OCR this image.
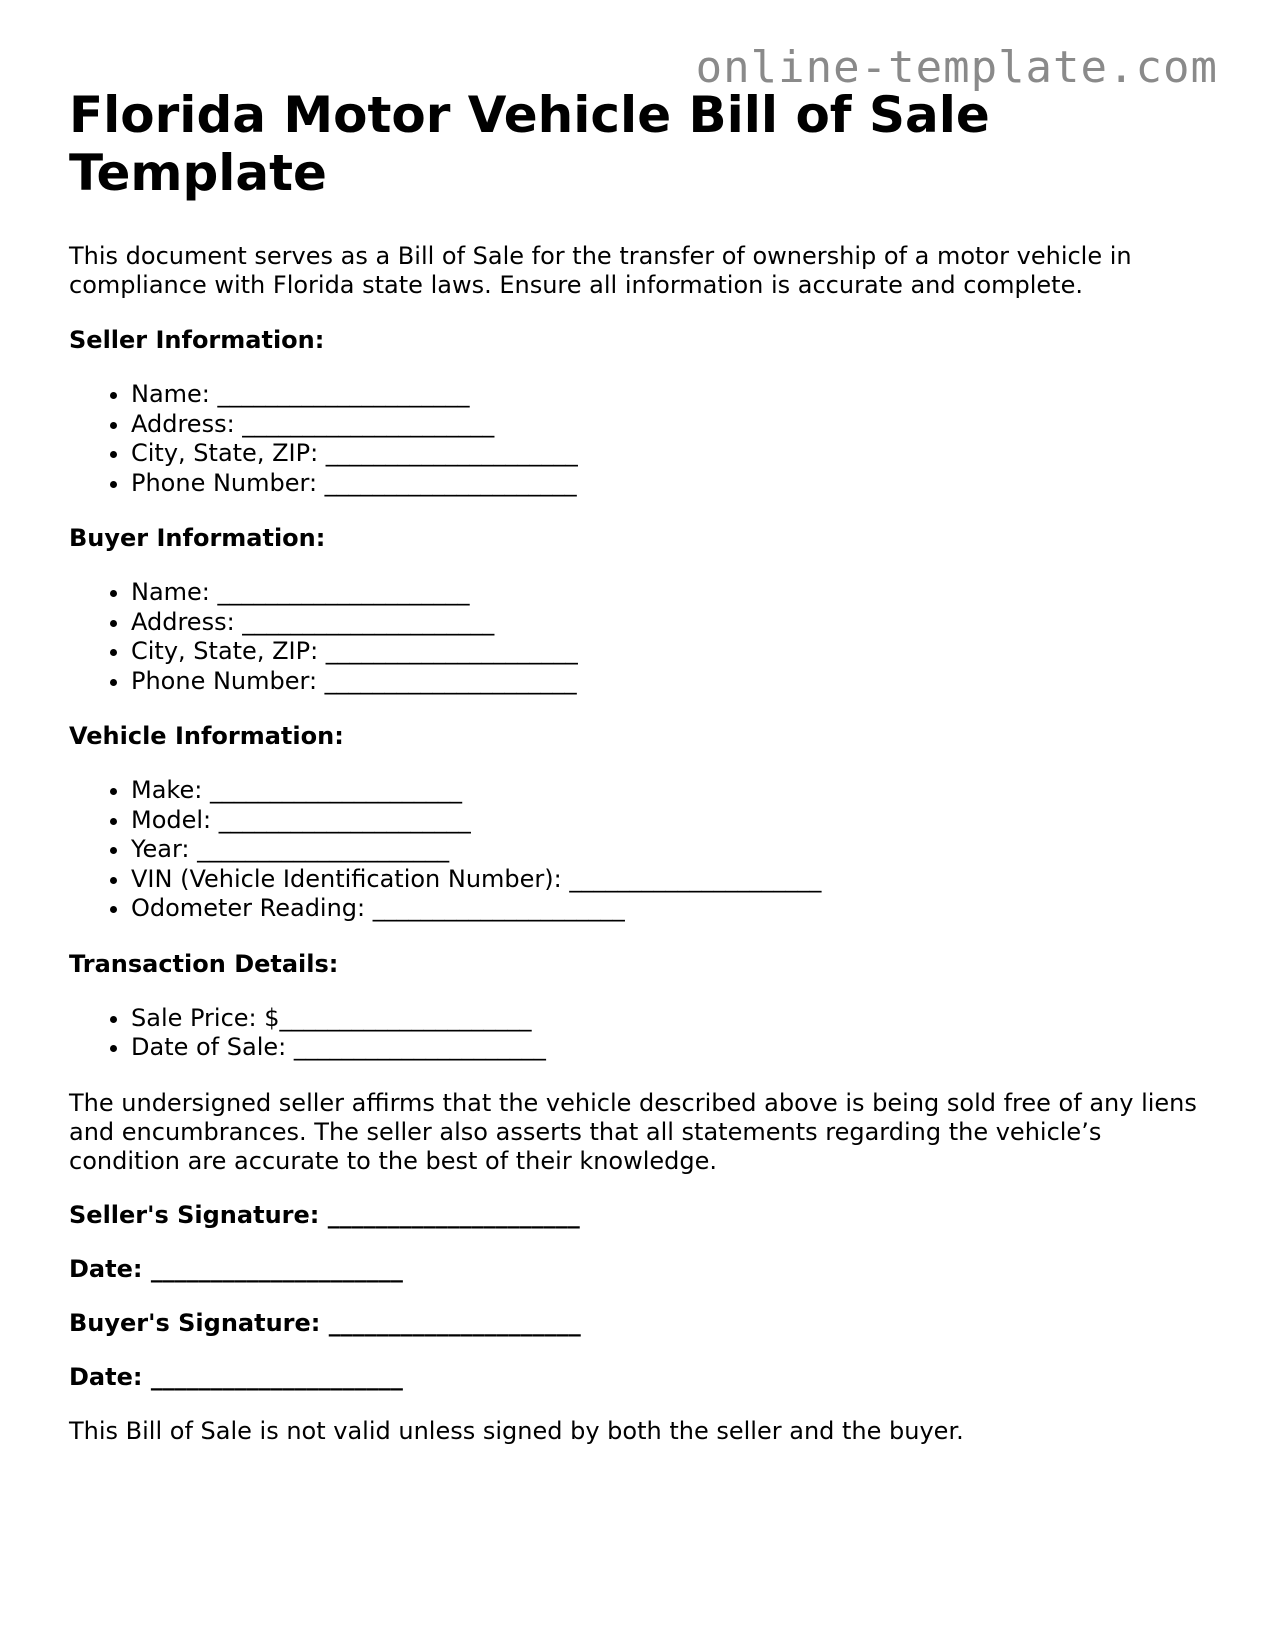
online-template.com
Florida Motor Vehicle Bill of Sale Template

This document serves as a Bill of Sale for the transfer of ownership of a motor vehicle in compliance with Florida state laws. Ensure all information is accurate and complete.

Seller Information:
• Name: _____________________
• Address: _____________________
• City, State, ZIP: _____________________
• Phone Number: _____________________
Buyer Information:
• Name: _____________________
• Address: _____________________
• City, State, ZIP: _____________________
• Phone Number: _____________________
Vehicle Information:
• Make: _____________________
• Model: _____________________
• Year: _____________________
• VIN (Vehicle Identification Number): _____________________
• Odometer Reading: _____________________
Transaction Details:
• Sale Price: $_____________________
• Date of Sale: _____________________

The undersigned seller affirms that the vehicle described above is being sold free of any liens and encumbrances. The seller also asserts that all statements regarding the vehicle’s condition are accurate to the best of their knowledge.

Seller's Signature: _____________________
Date: _____________________
Buyer's Signature: _____________________
Date: _____________________

This Bill of Sale is not valid unless signed by both the seller and the buyer.
